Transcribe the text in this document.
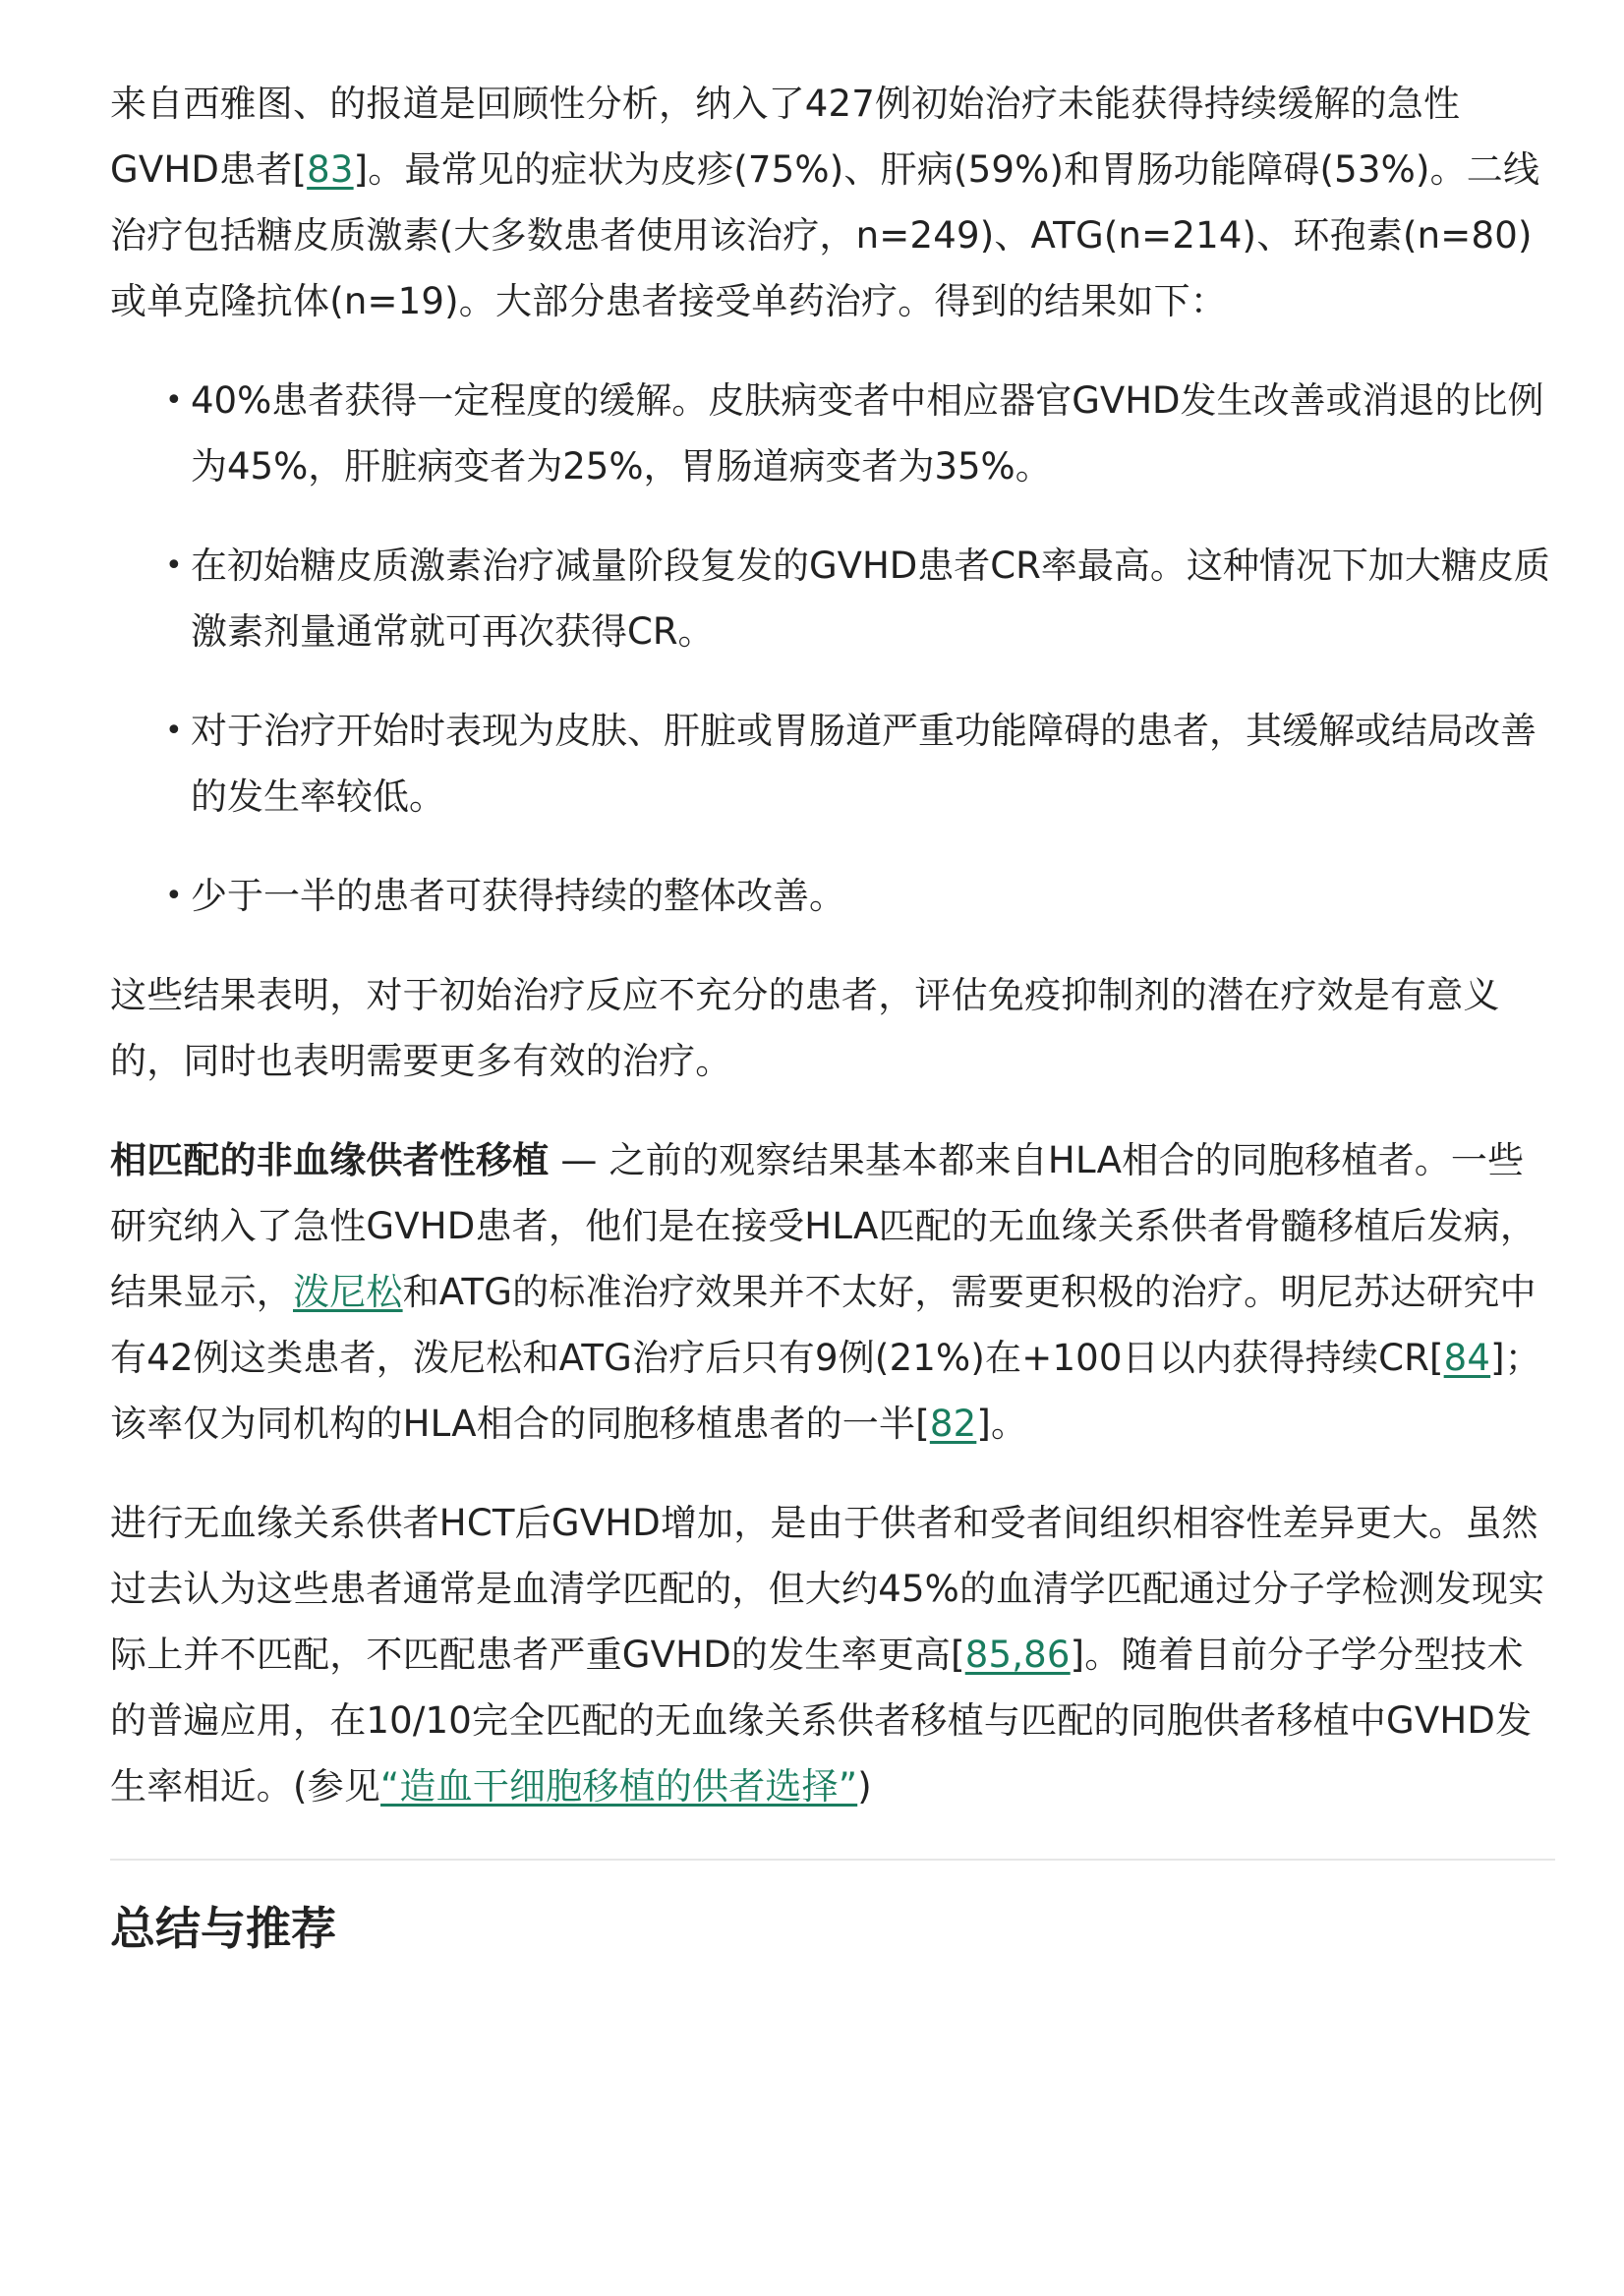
来自西雅图、的报道是回顾性分析，纳入了427例初始治疗未能获得持续缓解的急性GVHD患者[83]。最常见的症状为皮疹(75%)、肝病(59%)和胃肠功能障碍(53%)。二线治疗包括糖皮质激素(大多数患者使用该治疗，n=249)、ATG(n=214)、环孢素(n=80)或单克隆抗体(n=19)。大部分患者接受单药治疗。得到的结果如下：

• 40%患者获得一定程度的缓解。皮肤病变者中相应器官GVHD发生改善或消退的比例为45%，肝脏病变者为25%，胃肠道病变者为35%。
• 在初始糖皮质激素治疗减量阶段复发的GVHD患者CR率最高。这种情况下加大糖皮质激素剂量通常就可再次获得CR。
• 对于治疗开始时表现为皮肤、肝脏或胃肠道严重功能障碍的患者，其缓解或结局改善的发生率较低。
• 少于一半的患者可获得持续的整体改善。

这些结果表明，对于初始治疗反应不充分的患者，评估免疫抑制剂的潜在疗效是有意义的，同时也表明需要更多有效的治疗。

相匹配的非血缘供者性移植 — 之前的观察结果基本都来自HLA相合的同胞移植者。一些研究纳入了急性GVHD患者，他们是在接受HLA匹配的无血缘关系供者骨髓移植后发病，结果显示，泼尼松和ATG的标准治疗效果并不太好，需要更积极的治疗。明尼苏达研究中有42例这类患者，泼尼松和ATG治疗后只有9例(21%)在+100日以内获得持续CR[84]；该率仅为同机构的HLA相合的同胞移植患者的一半[82]。

进行无血缘关系供者HCT后GVHD增加，是由于供者和受者间组织相容性差异更大。虽然过去认为这些患者通常是血清学匹配的，但大约45%的血清学匹配通过分子学检测发现实际上并不匹配，不匹配患者严重GVHD的发生率更高[85,86]。随着目前分子学分型技术的普遍应用，在10/10完全匹配的无血缘关系供者移植与匹配的同胞供者移植中GVHD发生率相近。(参见“造血干细胞移植的供者选择”)

总结与推荐
